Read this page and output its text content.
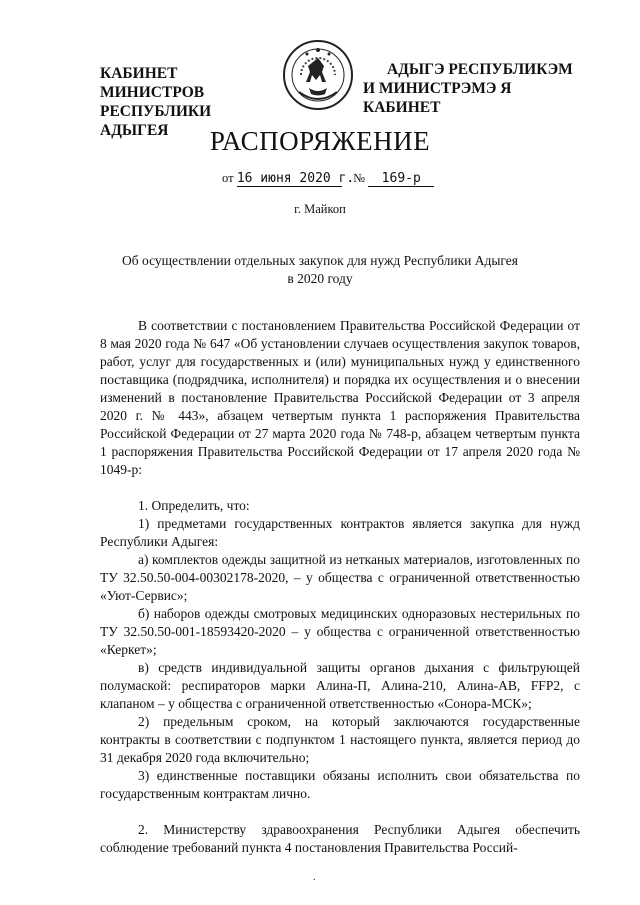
КАБИНЕТ МИНИСТРОВ
РЕСПУБЛИКИ АДЫГЕЯ
АДЫГЭ РЕСПУБЛИКЭМ
И МИНИСТРЭМЭ Я КАБИНЕТ
РАСПОРЯЖЕНИЕ
от 16 июня 2020 г. № 169-р
г. Майкоп
Об осуществлении отдельных закупок для нужд Республики Адыгея
в 2020 году

В соответствии с постановлением Правительства Российской Федерации от 8 мая 2020 года № 647 «Об установлении случаев осуществления закупок товаров, работ, услуг для государственных и (или) муниципальных нужд у единственного поставщика (подрядчика, исполнителя) и порядка их осуществления и о внесении изменений в постановление Правительства Российской Федерации от 3 апреля 2020 г. № 443», абзацем четвертым пункта 1 распоряжения Правительства Российской Федерации от 27 марта 2020 года № 748-р, абзацем четвертым пункта 1 распоряжения Правительства Российской Федерации от 17 апреля 2020 года № 1049-р:

1. Определить, что:

1) предметами государственных контрактов является закупка для нужд Республики Адыгея:

а) комплектов одежды защитной из нетканых материалов, изготовленных по ТУ 32.50.50-004-00302178-2020, – у общества с ограниченной ответственностью «Уют-Сервис»;

б) наборов одежды смотровых медицинских одноразовых нестерильных по ТУ 32.50.50-001-18593420-2020 – у общества с ограниченной ответственностью «Керкет»;

в) средств индивидуальной защиты органов дыхания с фильтрующей полумаской: респираторов марки Алина-П, Алина-210, Алина-АВ, FFP2, с клапаном – у общества с ограниченной ответственностью «Сонора-МСК»;

2) предельным сроком, на который заключаются государственные контракты в соответствии с подпунктом 1 настоящего пункта, является период до 31 декабря 2020 года включительно;

3) единственные поставщики обязаны исполнить свои обязательства по государственным контрактам лично.

2. Министерству здравоохранения Республики Адыгея обеспечить соблюдение требований пункта 4 постановления Правительства Россий-

.
